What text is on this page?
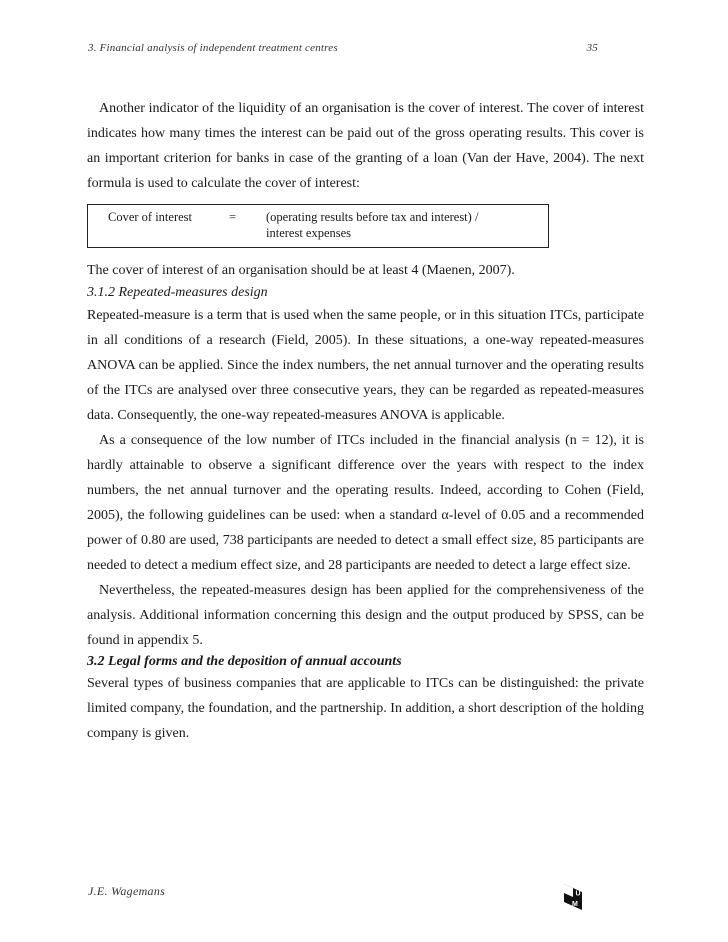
3. Financial analysis of independent treatment centres	35

Another indicator of the liquidity of an organisation is the cover of interest. The cover of interest indicates how many times the interest can be paid out of the gross operating results. This cover is an important criterion for banks in case of the granting of a loan (Van der Have, 2004). The next formula is used to calculate the cover of interest:

Cover of interest	= (operating results before tax and interest) /
interest expenses

The cover of interest of an organisation should be at least 4 (Maenen, 2007).

3.1.2 Repeated-measures design

Repeated-measure is a term that is used when the same people, or in this situation ITCs, participate in all conditions of a research (Field, 2005). In these situations, a one-way repeated-measures ANOVA can be applied. Since the index numbers, the net annual turnover and the operating results of the ITCs are analysed over three consecutive years, they can be regarded as repeated-measures data. Consequently, the one-way repeated-measures ANOVA is applicable.

As a consequence of the low number of ITCs included in the financial analysis (n = 12), it is hardly attainable to observe a significant difference over the years with respect to the index numbers, the net annual turnover and the operating results. Indeed, according to Cohen (Field, 2005), the following guidelines can be used: when a standard α-level of 0.05 and a recommended power of 0.80 are used, 738 participants are needed to detect a small effect size, 85 participants are needed to detect a medium effect size, and 28 participants are needed to detect a large effect size.

Nevertheless, the repeated-measures design has been applied for the comprehensiveness of the analysis. Additional information concerning this design and the output produced by SPSS, can be found in appendix 5.

3.2 Legal forms and the deposition of annual accounts

Several types of business companies that are applicable to ITCs can be distinguished: the private limited company, the foundation, and the partnership. In addition, a short description of the holding company is given.

J.E. Wagemans	U
M
